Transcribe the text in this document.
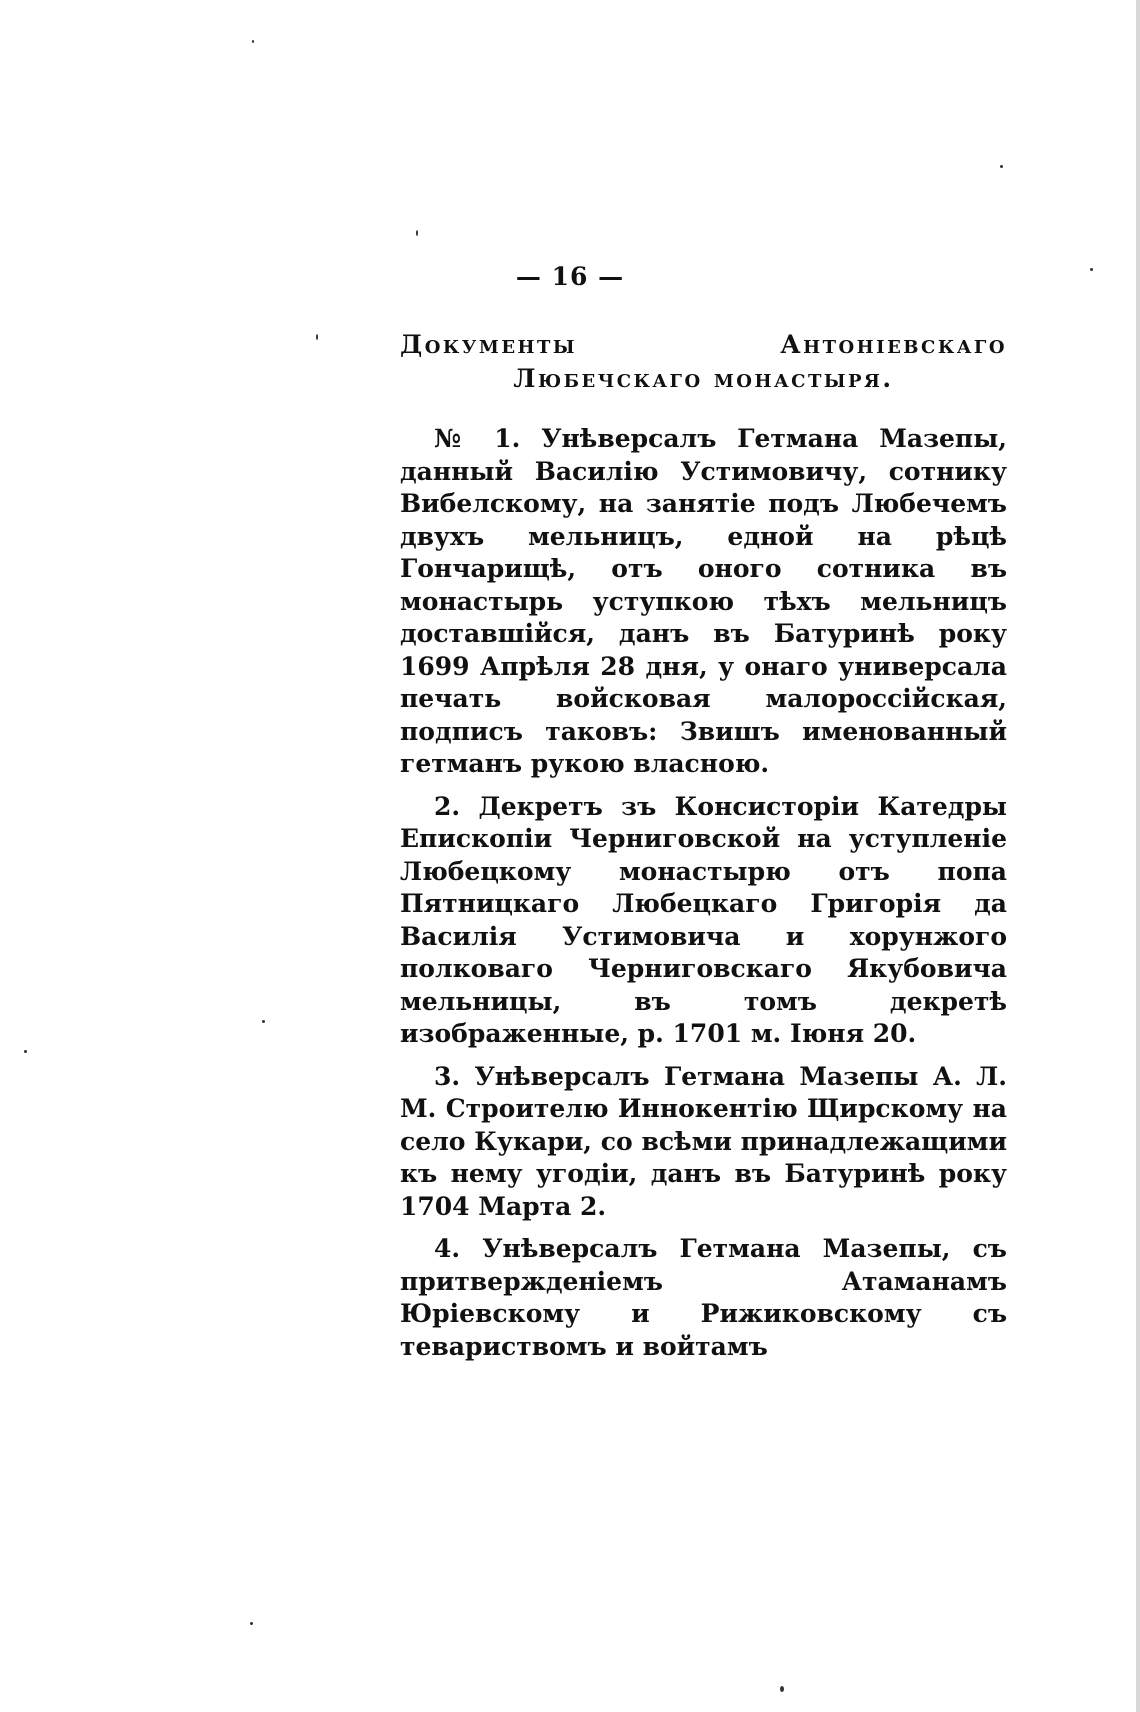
— 16 —

Документы Антоніевскаго Любечскаго монастыря.

№ 1. Унѣверсалъ Гетмана Мазепы, данный Василію Устимовичу, сотнику Вибелскому, на занятіе подъ Любечемъ двухъ мельницъ, едной на рѣцѣ Гончарищѣ, отъ оного сотника въ монастырь уступкою тѣхъ мельницъ доставшійся, данъ въ Батуринѣ року 1699 Апрѣля 28 дня, у онаго универсала печать войсковая малороссійская, подписъ таковъ: Звишъ именованный гетманъ рукою власною.

2. Декретъ зъ Консисторіи Катедры Епископіи Черниговской на уступленіе Любецкому монастырю отъ попа Пятницкаго Любецкаго Григорія да Василія Устимовича и хорунжого полковаго Черниговскаго Якубовича мельницы, въ томъ декретѣ изображенные, р. 1701 м. Іюня 20.

3. Унѣверсалъ Гетмана Мазепы А. Л. М. Строителю Иннокентію Щирскому на село Кукари, со всѣми принадлежащими къ нему угодіи, данъ въ Батуринѣ року 1704 Марта 2.

4. Унѣверсалъ Гетмана Мазепы, съ притвержденіемъ Атаманамъ Юріевскому и Рижиковскому съ тевариствомъ и войтамъ
